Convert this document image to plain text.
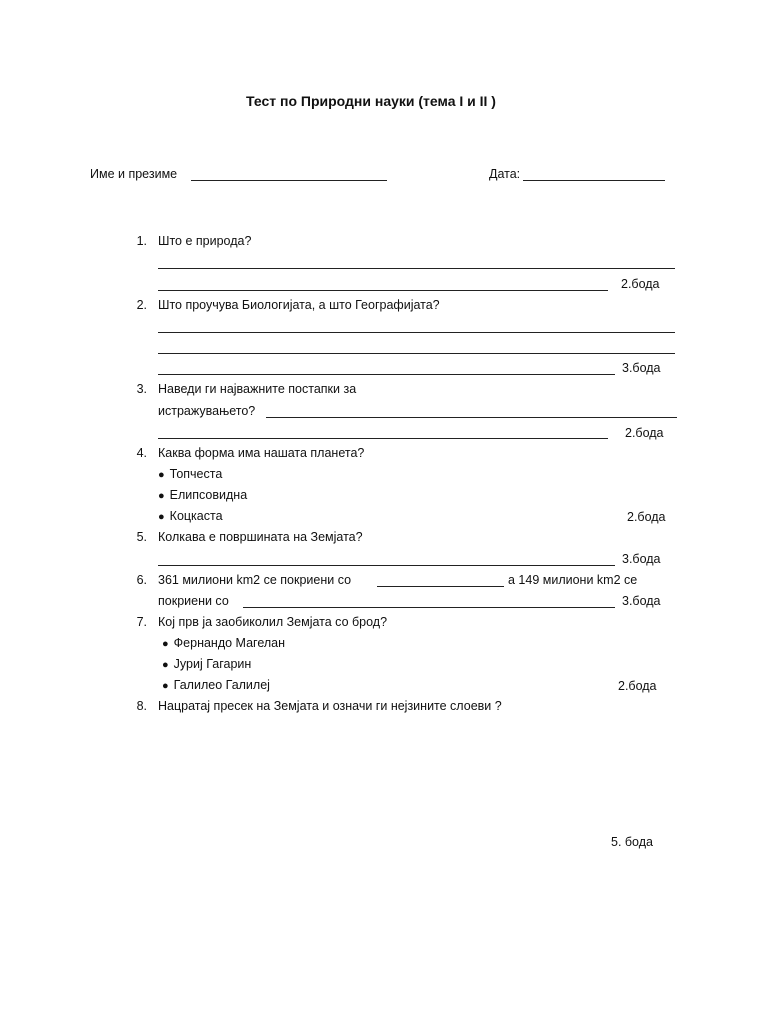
Тест по Природни науки (тема I и II )
Име и презиме	Дата:
1. Што е природа?
2.бода
2. Што проучува Биологијата, а што Географијата?
3.бода
3. Наведи ги најважните постапки за
истражувањето?
2.бода
4. Каква форма има нашата планета?
● Топчеста
● Елипсовидна
● Коцкаста	2.бода
5. Колкава е површината на Земјата?
3.бода
6. 361 милиони km2 се покриени со	а 149 милиони km2 се
покриени со	3.бода
7. Кој прв ја заобиколил Земјата со брод?
● Фернандо Магелан
● Јуриј Гагарин
● Галилео Галилеј	2.бода
8. Нацратај пресек на Земјата и означи ги нејзините слоеви ?
5. бода
